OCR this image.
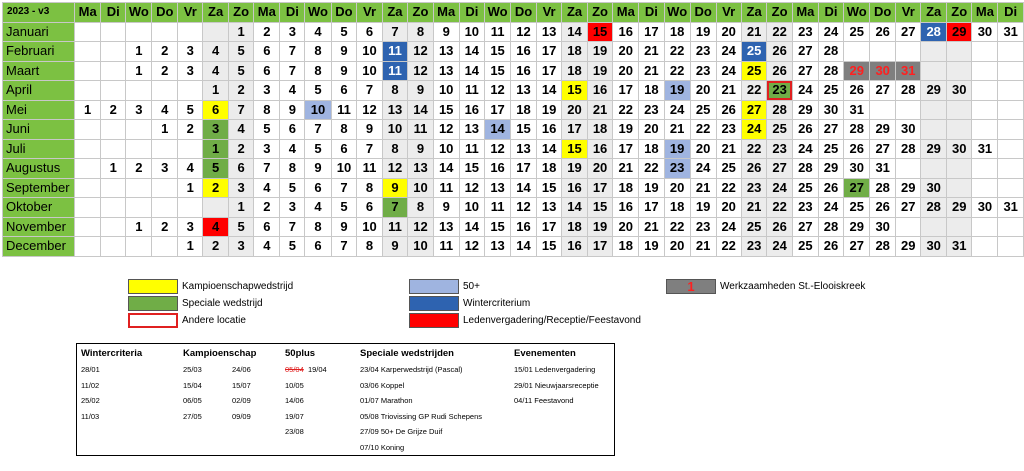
2023 - v3	Ma	Di	Wo	Do	Vr	Za	Zo	Ma	Di	Wo	Do	Vr	Za	Zo	Ma	Di	Wo	Do	Vr	Za	Zo	Ma	Di	Wo	Do	Vr	Za	Zo	Ma	Di	Wo	Do	Vr	Za	Zo	Ma	Di
Januari							1	2	3	4	5	6	7	8	9	10	11	12	13	14	15	16	17	18	19	20	21	22	23	24	25	26	27	28	29	30	31
Februari			1	2	3	4	5	6	7	8	9	10	11	12	13	14	15	16	17	18	19	20	21	22	23	24	25	26	27	28							
Maart			1	2	3	4	5	6	7	8	9	10	11	12	13	14	15	16	17	18	19	20	21	22	23	24	25	26	27	28	29	30	31				
April						1	2	3	4	5	6	7	8	9	10	11	12	13	14	15	16	17	18	19	20	21	22	23	24	25	26	27	28	29	30		
Mei	1	2	3	4	5	6	7	8	9	10	11	12	13	14	15	16	17	18	19	20	21	22	23	24	25	26	27	28	29	30	31						
Juni				1	2	3	4	5	6	7	8	9	10	11	12	13	14	15	16	17	18	19	20	21	22	23	24	25	26	27	28	29	30				
Juli						1	2	3	4	5	6	7	8	9	10	11	12	13	14	15	16	17	18	19	20	21	22	23	24	25	26	27	28	29	30	31	
Augustus		1	2	3	4	5	6	7	8	9	10	11	12	13	14	15	16	17	18	19	20	21	22	23	24	25	26	27	28	29	30	31					
September					1	2	3	4	5	6	7	8	9	10	11	12	13	14	15	16	17	18	19	20	21	22	23	24	25	26	27	28	29	30			
Oktober							1	2	3	4	5	6	7	8	9	10	11	12	13	14	15	16	17	18	19	20	21	22	23	24	25	26	27	28	29	30	31
November			1	2	3	4	5	6	7	8	9	10	11	12	13	14	15	16	17	18	19	20	21	22	23	24	25	26	27	28	29	30					
December					1	2	3	4	5	6	7	8	9	10	11	12	13	14	15	16	17	18	19	20	21	22	23	24	25	26	27	28	29	30	31		
Kampioenschapwedstrijd
Speciale wedstrijd
Andere locatie
50+
Wintercriterium
Ledenvergadering/Receptie/Feestavond
1	Werkzaamheden St.-Elooiskreek
Wintercriteria
28/01
11/02
25/02
11/03
Kampioenschap
25/03
15/04
06/05
27/05
24/06
15/07
02/09
09/09
50plus
05/04 19/04
10/05
14/06
19/07
23/08
Speciale wedstrijden
23/04 Karperwedstrijd (Pascal)
03/06 Koppel
01/07 Marathon
05/08 Triovissing GP Rudi Schepens
27/09 50+ De Grijze Duif
07/10 Koning
Evenementen
15/01 Ledenvergadering
29/01 Nieuwjaarsreceptie
04/11 Feestavond
